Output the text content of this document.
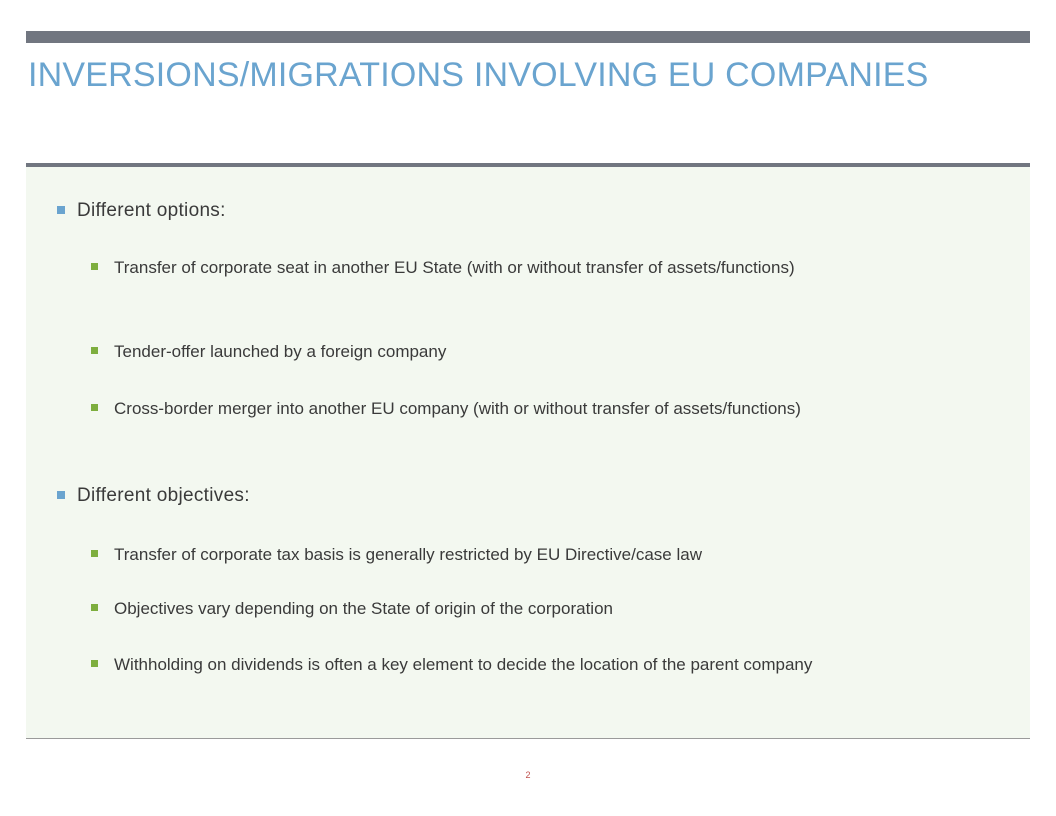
INVERSIONS/MIGRATIONS INVOLVING EU COMPANIES
Different options:
Transfer of corporate seat in another EU State (with or without transfer of assets/functions)
Tender-offer launched by a foreign company
Cross-border merger into another EU company (with or without transfer of assets/functions)
Different objectives:
Transfer of corporate tax basis is generally restricted by EU Directive/case law
Objectives vary depending on the State of origin of the corporation
Withholding on dividends is often a key element to decide the location of the parent company
2
